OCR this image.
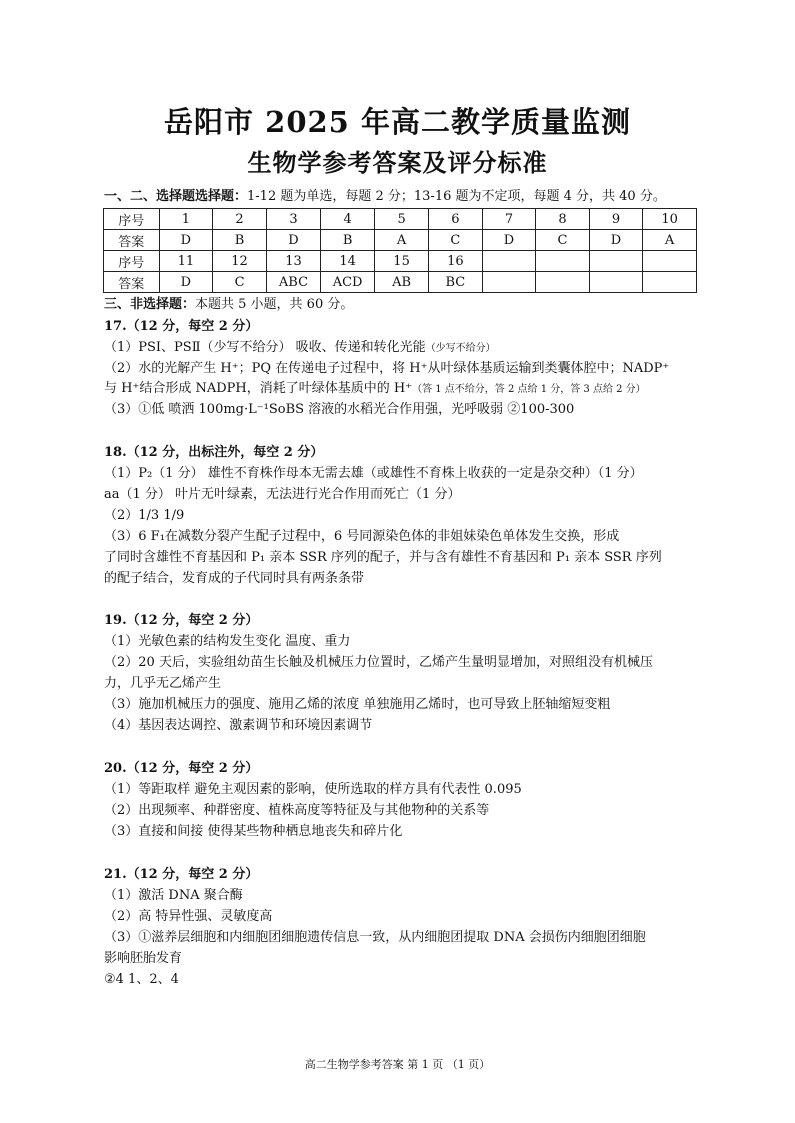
岳阳市 2025 年高二教学质量监测
生物学参考答案及评分标准
一、二、选择题选择题：1-12 题为单选，每题 2 分；13-16 题为不定项，每题 4 分，共 40 分。
序号	1	2	3	4	5	6	7	8	9	10
答案	D	B	D	B	A	C	D	C	D	A
序号	11	12	13	14	15	16				
答案	D	C	ABC	ACD	AB	BC				
三、非选择题：本题共 5 小题，共 60 分。
17.（12 分，每空 2 分）
（1）PSⅠ、PSⅡ（少写不给分） 吸收、传递和转化光能（少写不给分）
（2）水的光解产生 H⁺；PQ 在传递电子过程中，将 H⁺从叶绿体基质运输到类囊体腔中；NADP⁺
与 H⁺结合形成 NADPH，消耗了叶绿体基质中的 H⁺（答 1 点不给分，答 2 点给 1 分，答 3 点给 2 分）
（3）①低 喷洒 100mg·L⁻¹SoBS 溶液的水稻光合作用强，光呼吸弱 ②100-300
18.（12 分，出标注外，每空 2 分）
（1）P₂（1 分） 雄性不育株作母本无需去雄（或雄性不育株上收获的一定是杂交种）（1 分）
aa（1 分） 叶片无叶绿素，无法进行光合作用而死亡（1 分）
（2）1/3 1/9
（3）6 F₁在减数分裂产生配子过程中，6 号同源染色体的非姐妹染色单体发生交换，形成
了同时含雄性不育基因和 P₁ 亲本 SSR 序列的配子，并与含有雄性不育基因和 P₁ 亲本 SSR 序列
的配子结合，发育成的子代同时具有两条条带
19.（12 分，每空 2 分）
（1）光敏色素的结构发生变化 温度、重力
（2）20 天后，实验组幼苗生长触及机械压力位置时，乙烯产生量明显增加，对照组没有机械压
力，几乎无乙烯产生
（3）施加机械压力的强度、施用乙烯的浓度 单独施用乙烯时，也可导致上胚轴缩短变粗
（4）基因表达调控、激素调节和环境因素调节
20.（12 分，每空 2 分）
（1）等距取样 避免主观因素的影响，使所选取的样方具有代表性 0.095
（2）出现频率、种群密度、植株高度等特征及与其他物种的关系等
（3）直接和间接 使得某些物种栖息地丧失和碎片化
21.（12 分，每空 2 分）
（1）激活 DNA 聚合酶
（2）高 特异性强、灵敏度高
（3）①滋养层细胞和内细胞团细胞遗传信息一致，从内细胞团提取 DNA 会损伤内细胞团细胞
影响胚胎发育
②4 1、2、4
高二生物学参考答案 第 1 页 （1 页）
